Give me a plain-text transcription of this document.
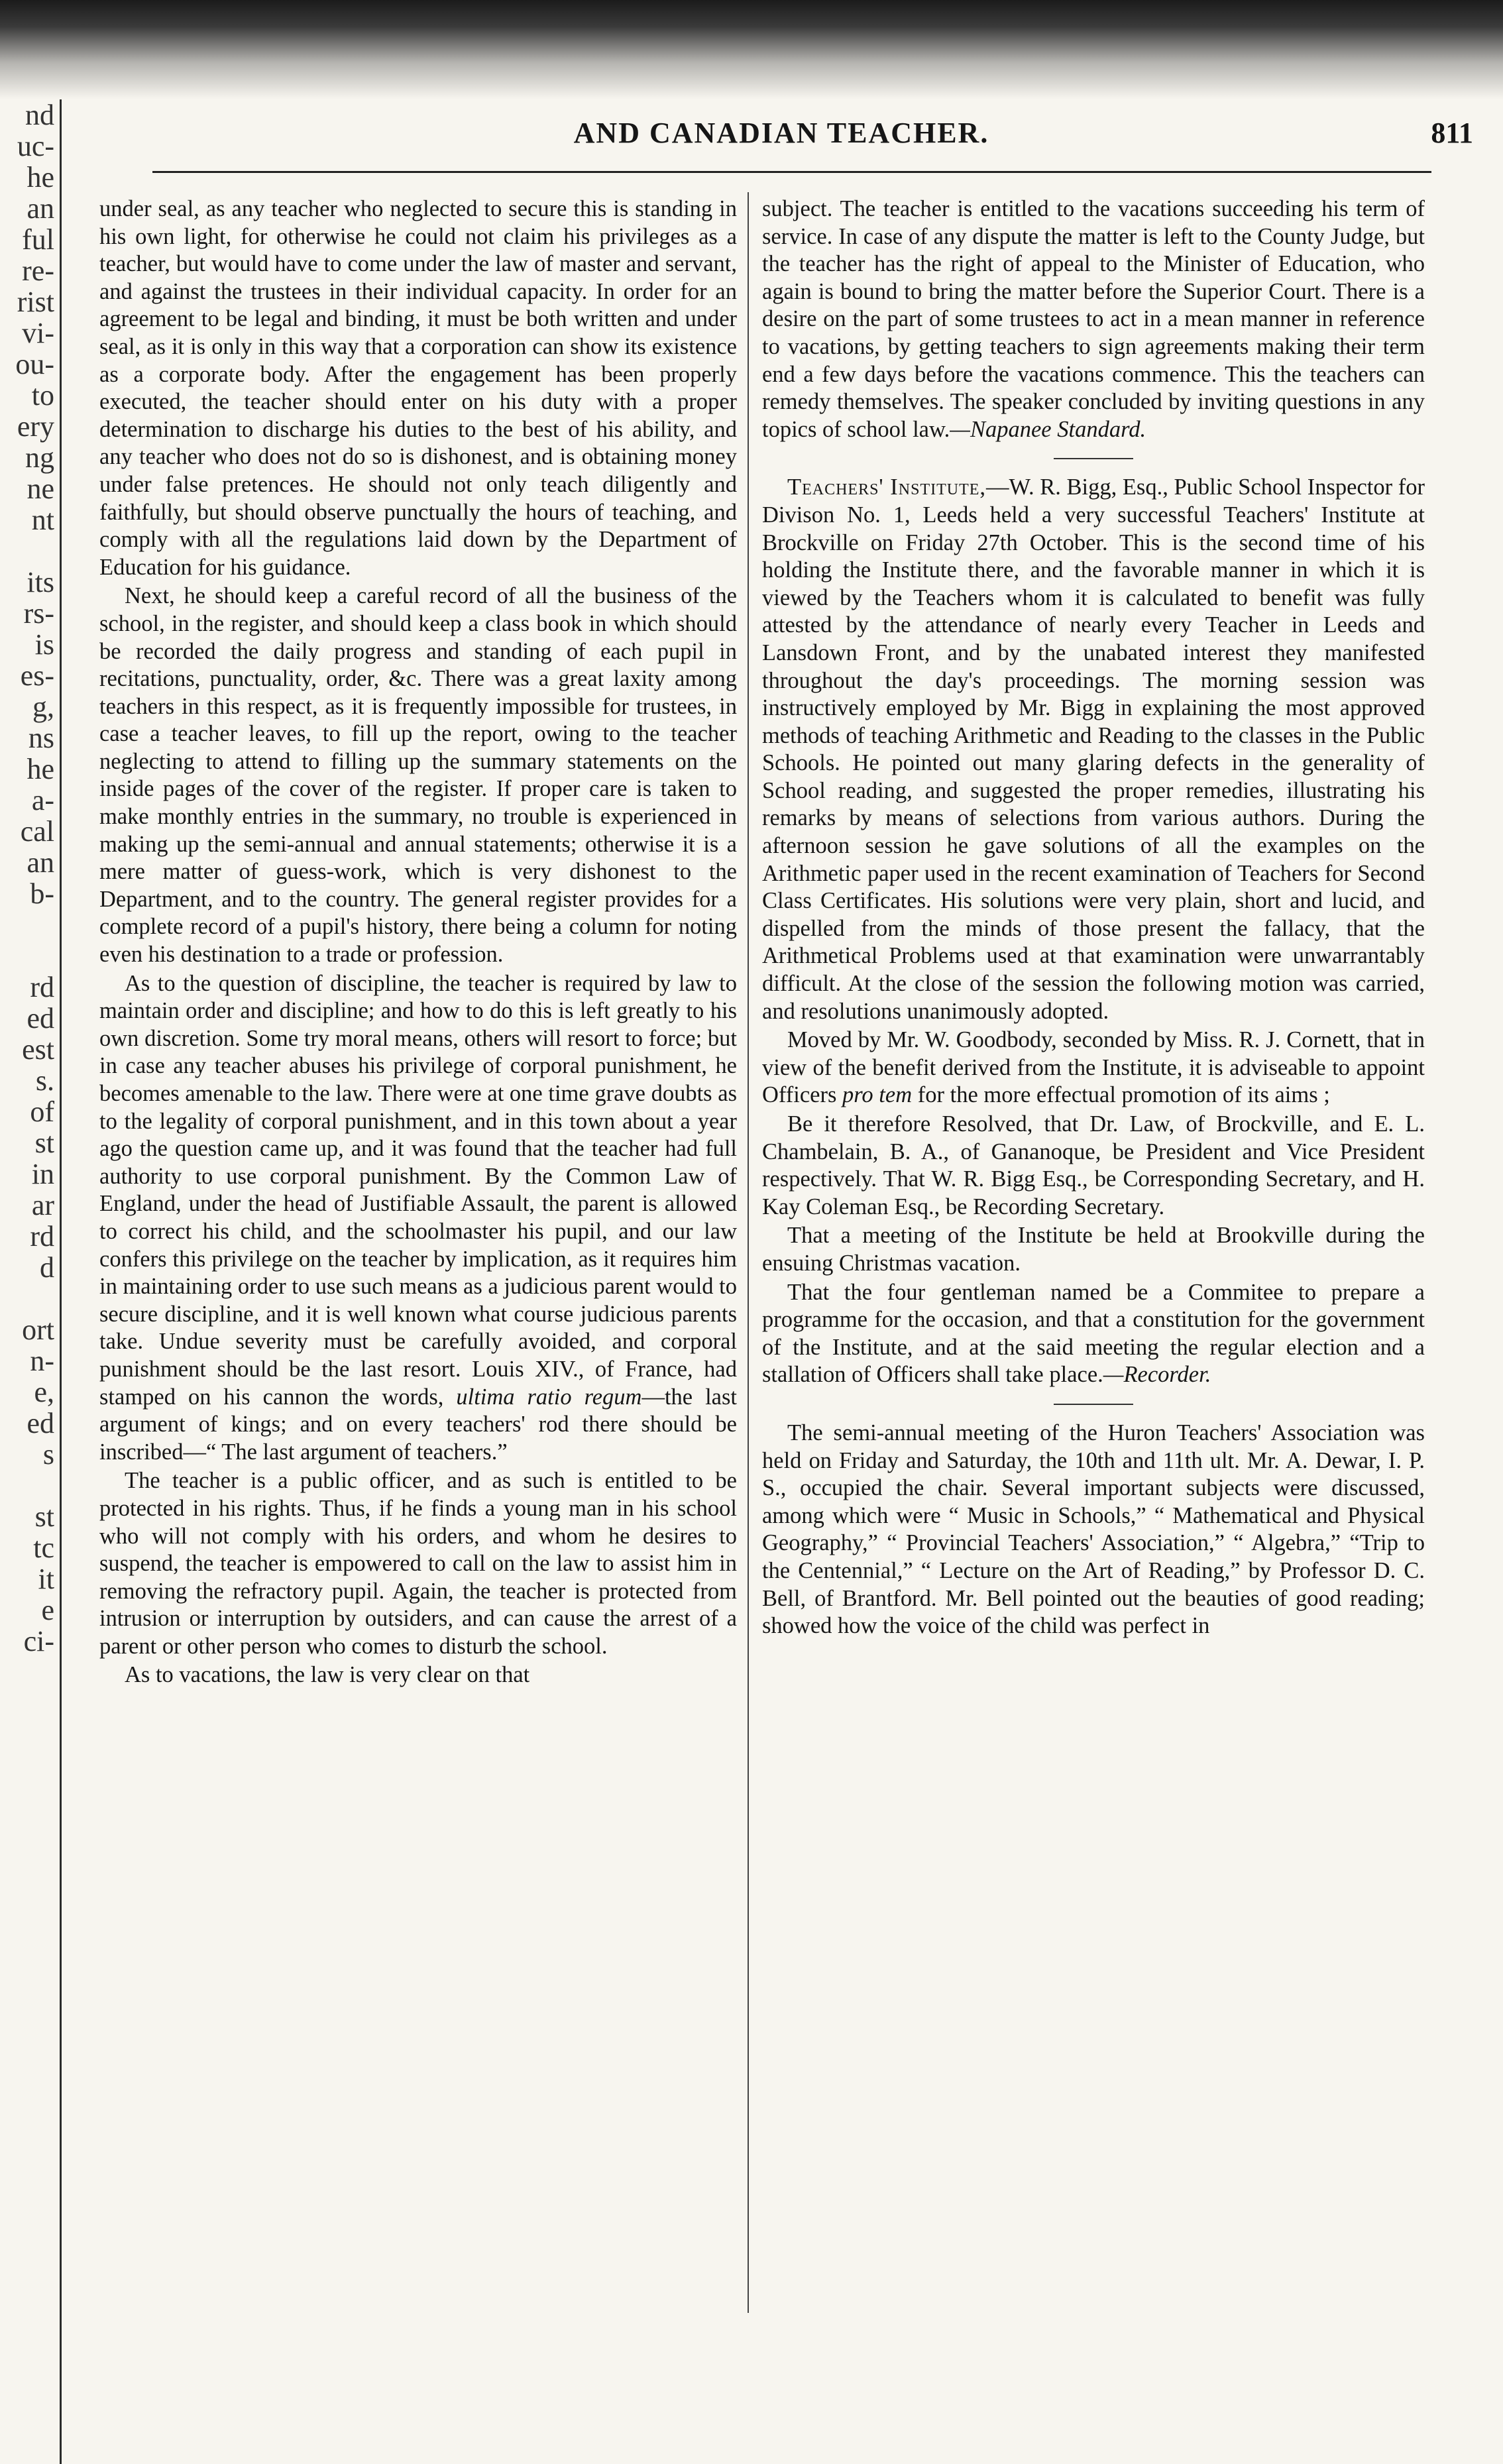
nd
uc-
he
an
ful
re-
rist
vi-
ou-
to
ery
ng
ne
nt

its
rs-
is
es-
g,
ns
he
a-
cal
an
b-

rd
ed
est
s.
of
st
in
ar
rd
d

ort
n-
e,
ed
s

st
tc
it
e
ci-
AND CANADIAN TEACHER.	811

under seal, as any teacher who neglected to secure this is standing in his own light, for otherwise he could not claim his privileges as a teacher, but would have to come under the law of master and servant, and against the trustees in their individual capacity. In order for an agreement to be legal and binding, it must be both written and under seal, as it is only in this way that a corporation can show its existence as a corporate body. After the engagement has been properly executed, the teacher should enter on his duty with a proper determination to discharge his duties to the best of his ability, and any teacher who does not do so is dishonest, and is obtaining money under false pretences. He should not only teach diligently and faithfully, but should observe punctually the hours of teaching, and comply with all the regulations laid down by the Department of Education for his guidance.

Next, he should keep a careful record of all the business of the school, in the register, and should keep a class book in which should be recorded the daily progress and standing of each pupil in recitations, punctuality, order, &c. There was a great laxity among teachers in this respect, as it is frequently impossible for trustees, in case a teacher leaves, to fill up the report, owing to the teacher neglecting to attend to filling up the summary statements on the inside pages of the cover of the register. If proper care is taken to make monthly entries in the summary, no trouble is experienced in making up the semi-annual and annual statements; otherwise it is a mere matter of guess-work, which is very dishonest to the Department, and to the country. The general register provides for a complete record of a pupil's history, there being a column for noting even his destination to a trade or profession.

As to the question of discipline, the teacher is required by law to maintain order and discipline; and how to do this is left greatly to his own discretion. Some try moral means, others will resort to force; but in case any teacher abuses his privilege of corporal punishment, he becomes amenable to the law. There were at one time grave doubts as to the legality of corporal punishment, and in this town about a year ago the question came up, and it was found that the teacher had full authority to use corporal punishment. By the Common Law of England, under the head of Justifiable Assault, the parent is allowed to correct his child, and the schoolmaster his pupil, and our law confers this privilege on the teacher by implication, as it requires him in maintaining order to use such means as a judicious parent would to secure discipline, and it is well known what course judicious parents take. Undue severity must be carefully avoided, and corporal punishment should be the last resort. Louis XIV., of France, had stamped on his cannon the words, ultima ratio regum—the last argument of kings; and on every teachers' rod there should be inscribed—“ The last argument of teachers.”

The teacher is a public officer, and as such is entitled to be protected in his rights. Thus, if he finds a young man in his school who will not comply with his orders, and whom he desires to suspend, the teacher is empowered to call on the law to assist him in removing the refractory pupil. Again, the teacher is protected from intrusion or interruption by outsiders, and can cause the arrest of a parent or other person who comes to disturb the school.

As to vacations, the law is very clear on that

subject. The teacher is entitled to the vacations succeeding his term of service. In case of any dispute the matter is left to the County Judge, but the teacher has the right of appeal to the Minister of Education, who again is bound to bring the matter before the Superior Court. There is a desire on the part of some trustees to act in a mean manner in reference to vacations, by getting teachers to sign agreements making their term end a few days before the vacations commence. This the teachers can remedy themselves. The speaker concluded by inviting questions in any topics of school law.—Napanee Standard.

Teachers' Institute,—W. R. Bigg, Esq., Public School Inspector for Divison No. 1, Leeds held a very successful Teachers' Institute at Brockville on Friday 27th October. This is the second time of his holding the Institute there, and the favorable manner in which it is viewed by the Teachers whom it is calculated to benefit was fully attested by the attendance of nearly every Teacher in Leeds and Lansdown Front, and by the unabated interest they manifested throughout the day's proceedings. The morning session was instructively employed by Mr. Bigg in explaining the most approved methods of teaching Arithmetic and Reading to the classes in the Public Schools. He pointed out many glaring defects in the generality of School reading, and suggested the proper remedies, illustrating his remarks by means of selections from various authors. During the afternoon session he gave solutions of all the examples on the Arithmetic paper used in the recent examination of Teachers for Second Class Certificates. His solutions were very plain, short and lucid, and dispelled from the minds of those present the fallacy, that the Arithmetical Problems used at that examination were unwarrantably difficult. At the close of the session the following motion was carried, and resolutions unanimously adopted.

Moved by Mr. W. Goodbody, seconded by Miss. R. J. Cornett, that in view of the benefit derived from the Institute, it is adviseable to appoint Officers pro tem for the more effectual promotion of its aims ;

Be it therefore Resolved, that Dr. Law, of Brockville, and E. L. Chambelain, B. A., of Gananoque, be President and Vice President respectively. That W. R. Bigg Esq., be Corresponding Secretary, and H. Kay Coleman Esq., be Recording Secretary.

That a meeting of the Institute be held at Brookville during the ensuing Christmas vacation.

That the four gentleman named be a Commitee to prepare a programme for the occasion, and that a constitution for the government of the Institute, and at the said meeting the regular election and a stallation of Officers shall take place.—Recorder.

The semi-annual meeting of the Huron Teachers' Association was held on Friday and Saturday, the 10th and 11th ult. Mr. A. Dewar, I. P. S., occupied the chair. Several important subjects were discussed, among which were “ Music in Schools,” “ Mathematical and Physical Geography,” “ Provincial Teachers' Association,” “ Algebra,” “Trip to the Centennial,” “ Lecture on the Art of Reading,” by Professor D. C. Bell, of Brantford. Mr. Bell pointed out the beauties of good reading; showed how the voice of the child was perfect in
